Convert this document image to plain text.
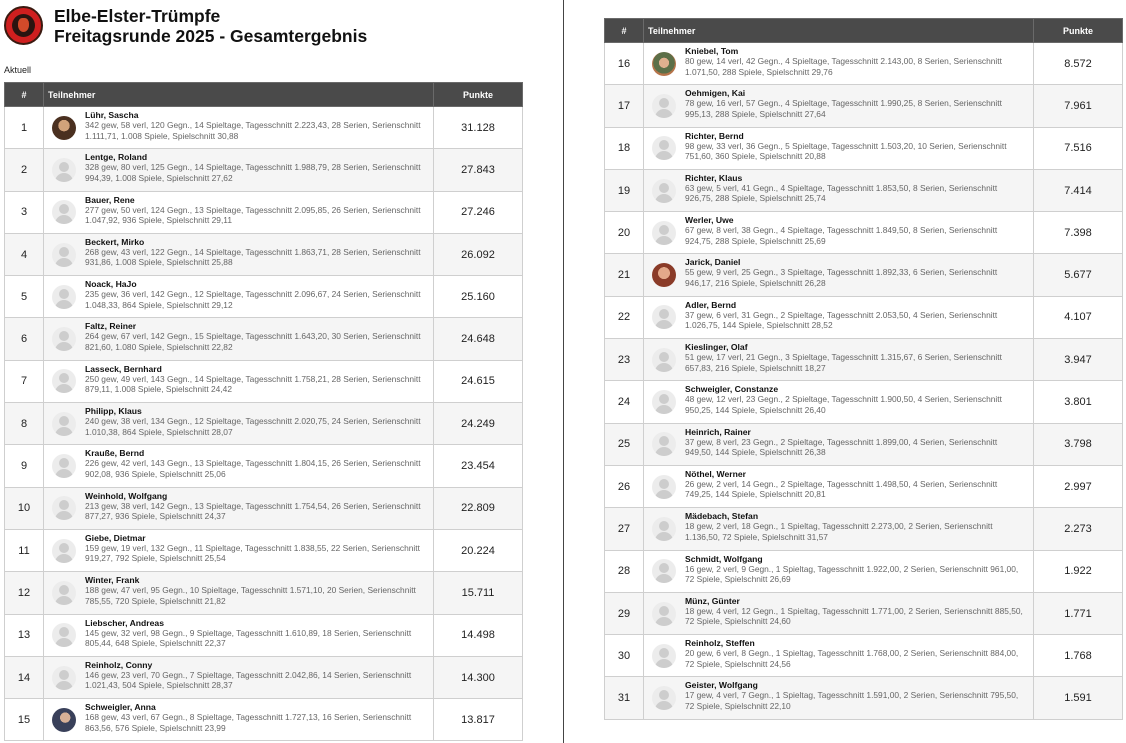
Elbe-Elster-Trümpfe
Freitagsrunde 2025 - Gesamtergebnis
Aktuell
#	Teilnehmer	Punkte
1	Lühr, Sascha
342 gew, 58 verl, 120 Gegn., 14 Spieltage, Tagesschnitt 2.223,43, 28 Serien, Serienschnitt 1.111,71, 1.008 Spiele, Spielschnitt 30,88	31.128
2	Lentge, Roland
328 gew, 80 verl, 125 Gegn., 14 Spieltage, Tagesschnitt 1.988,79, 28 Serien, Serienschnitt 994,39, 1.008 Spiele, Spielschnitt 27,62	27.843
3	Bauer, Rene
277 gew, 50 verl, 124 Gegn., 13 Spieltage, Tagesschnitt 2.095,85, 26 Serien, Serienschnitt 1.047,92, 936 Spiele, Spielschnitt 29,11	27.246
4	Beckert, Mirko
268 gew, 43 verl, 122 Gegn., 14 Spieltage, Tagesschnitt 1.863,71, 28 Serien, Serienschnitt 931,86, 1.008 Spiele, Spielschnitt 25,88	26.092
5	Noack, HaJo
235 gew, 36 verl, 142 Gegn., 12 Spieltage, Tagesschnitt 2.096,67, 24 Serien, Serienschnitt 1.048,33, 864 Spiele, Spielschnitt 29,12	25.160
6	Faltz, Reiner
264 gew, 67 verl, 142 Gegn., 15 Spieltage, Tagesschnitt 1.643,20, 30 Serien, Serienschnitt 821,60, 1.080 Spiele, Spielschnitt 22,82	24.648
7	Lasseck, Bernhard
250 gew, 49 verl, 143 Gegn., 14 Spieltage, Tagesschnitt 1.758,21, 28 Serien, Serienschnitt 879,11, 1.008 Spiele, Spielschnitt 24,42	24.615
8	Philipp, Klaus
240 gew, 38 verl, 134 Gegn., 12 Spieltage, Tagesschnitt 2.020,75, 24 Serien, Serienschnitt 1.010,38, 864 Spiele, Spielschnitt 28,07	24.249
9	Krauße, Bernd
226 gew, 42 verl, 143 Gegn., 13 Spieltage, Tagesschnitt 1.804,15, 26 Serien, Serienschnitt 902,08, 936 Spiele, Spielschnitt 25,06	23.454
10	Weinhold, Wolfgang
213 gew, 38 verl, 142 Gegn., 13 Spieltage, Tagesschnitt 1.754,54, 26 Serien, Serienschnitt 877,27, 936 Spiele, Spielschnitt 24,37	22.809
11	Giebe, Dietmar
159 gew, 19 verl, 132 Gegn., 11 Spieltage, Tagesschnitt 1.838,55, 22 Serien, Serienschnitt 919,27, 792 Spiele, Spielschnitt 25,54	20.224
12	Winter, Frank
188 gew, 47 verl, 95 Gegn., 10 Spieltage, Tagesschnitt 1.571,10, 20 Serien, Serienschnitt 785,55, 720 Spiele, Spielschnitt 21,82	15.711
13	Liebscher, Andreas
145 gew, 32 verl, 98 Gegn., 9 Spieltage, Tagesschnitt 1.610,89, 18 Serien, Serienschnitt 805,44, 648 Spiele, Spielschnitt 22,37	14.498
14	Reinholz, Conny
146 gew, 23 verl, 70 Gegn., 7 Spieltage, Tagesschnitt 2.042,86, 14 Serien, Serienschnitt 1.021,43, 504 Spiele, Spielschnitt 28,37	14.300
15	Schweigler, Anna
168 gew, 43 verl, 67 Gegn., 8 Spieltage, Tagesschnitt 1.727,13, 16 Serien, Serienschnitt 863,56, 576 Spiele, Spielschnitt 23,99	13.817
#	Teilnehmer	Punkte
16	Kniebel, Tom
80 gew, 14 verl, 42 Gegn., 4 Spieltage, Tagesschnitt 2.143,00, 8 Serien, Serienschnitt 1.071,50, 288 Spiele, Spielschnitt 29,76	8.572
17	Oehmigen, Kai
78 gew, 16 verl, 57 Gegn., 4 Spieltage, Tagesschnitt 1.990,25, 8 Serien, Serienschnitt 995,13, 288 Spiele, Spielschnitt 27,64	7.961
18	Richter, Bernd
98 gew, 33 verl, 36 Gegn., 5 Spieltage, Tagesschnitt 1.503,20, 10 Serien, Serienschnitt 751,60, 360 Spiele, Spielschnitt 20,88	7.516
19	Richter, Klaus
63 gew, 5 verl, 41 Gegn., 4 Spieltage, Tagesschnitt 1.853,50, 8 Serien, Serienschnitt 926,75, 288 Spiele, Spielschnitt 25,74	7.414
20	Werler, Uwe
67 gew, 8 verl, 38 Gegn., 4 Spieltage, Tagesschnitt 1.849,50, 8 Serien, Serienschnitt 924,75, 288 Spiele, Spielschnitt 25,69	7.398
21	Jarick, Daniel
55 gew, 9 verl, 25 Gegn., 3 Spieltage, Tagesschnitt 1.892,33, 6 Serien, Serienschnitt 946,17, 216 Spiele, Spielschnitt 26,28	5.677
22	Adler, Bernd
37 gew, 6 verl, 31 Gegn., 2 Spieltage, Tagesschnitt 2.053,50, 4 Serien, Serienschnitt 1.026,75, 144 Spiele, Spielschnitt 28,52	4.107
23	Kieslinger, Olaf
51 gew, 17 verl, 21 Gegn., 3 Spieltage, Tagesschnitt 1.315,67, 6 Serien, Serienschnitt 657,83, 216 Spiele, Spielschnitt 18,27	3.947
24	Schweigler, Constanze
48 gew, 12 verl, 23 Gegn., 2 Spieltage, Tagesschnitt 1.900,50, 4 Serien, Serienschnitt 950,25, 144 Spiele, Spielschnitt 26,40	3.801
25	Heinrich, Rainer
37 gew, 8 verl, 23 Gegn., 2 Spieltage, Tagesschnitt 1.899,00, 4 Serien, Serienschnitt 949,50, 144 Spiele, Spielschnitt 26,38	3.798
26	Nöthel, Werner
26 gew, 2 verl, 14 Gegn., 2 Spieltage, Tagesschnitt 1.498,50, 4 Serien, Serienschnitt 749,25, 144 Spiele, Spielschnitt 20,81	2.997
27	Mädebach, Stefan
18 gew, 2 verl, 18 Gegn., 1 Spieltag, Tagesschnitt 2.273,00, 2 Serien, Serienschnitt 1.136,50, 72 Spiele, Spielschnitt 31,57	2.273
28	Schmidt, Wolfgang
16 gew, 2 verl, 9 Gegn., 1 Spieltag, Tagesschnitt 1.922,00, 2 Serien, Serienschnitt 961,00, 72 Spiele, Spielschnitt 26,69	1.922
29	Münz, Günter
18 gew, 4 verl, 12 Gegn., 1 Spieltag, Tagesschnitt 1.771,00, 2 Serien, Serienschnitt 885,50, 72 Spiele, Spielschnitt 24,60	1.771
30	Reinholz, Steffen
20 gew, 6 verl, 8 Gegn., 1 Spieltag, Tagesschnitt 1.768,00, 2 Serien, Serienschnitt 884,00, 72 Spiele, Spielschnitt 24,56	1.768
31	Geister, Wolfgang
17 gew, 4 verl, 7 Gegn., 1 Spieltag, Tagesschnitt 1.591,00, 2 Serien, Serienschnitt 795,50, 72 Spiele, Spielschnitt 22,10	1.591
